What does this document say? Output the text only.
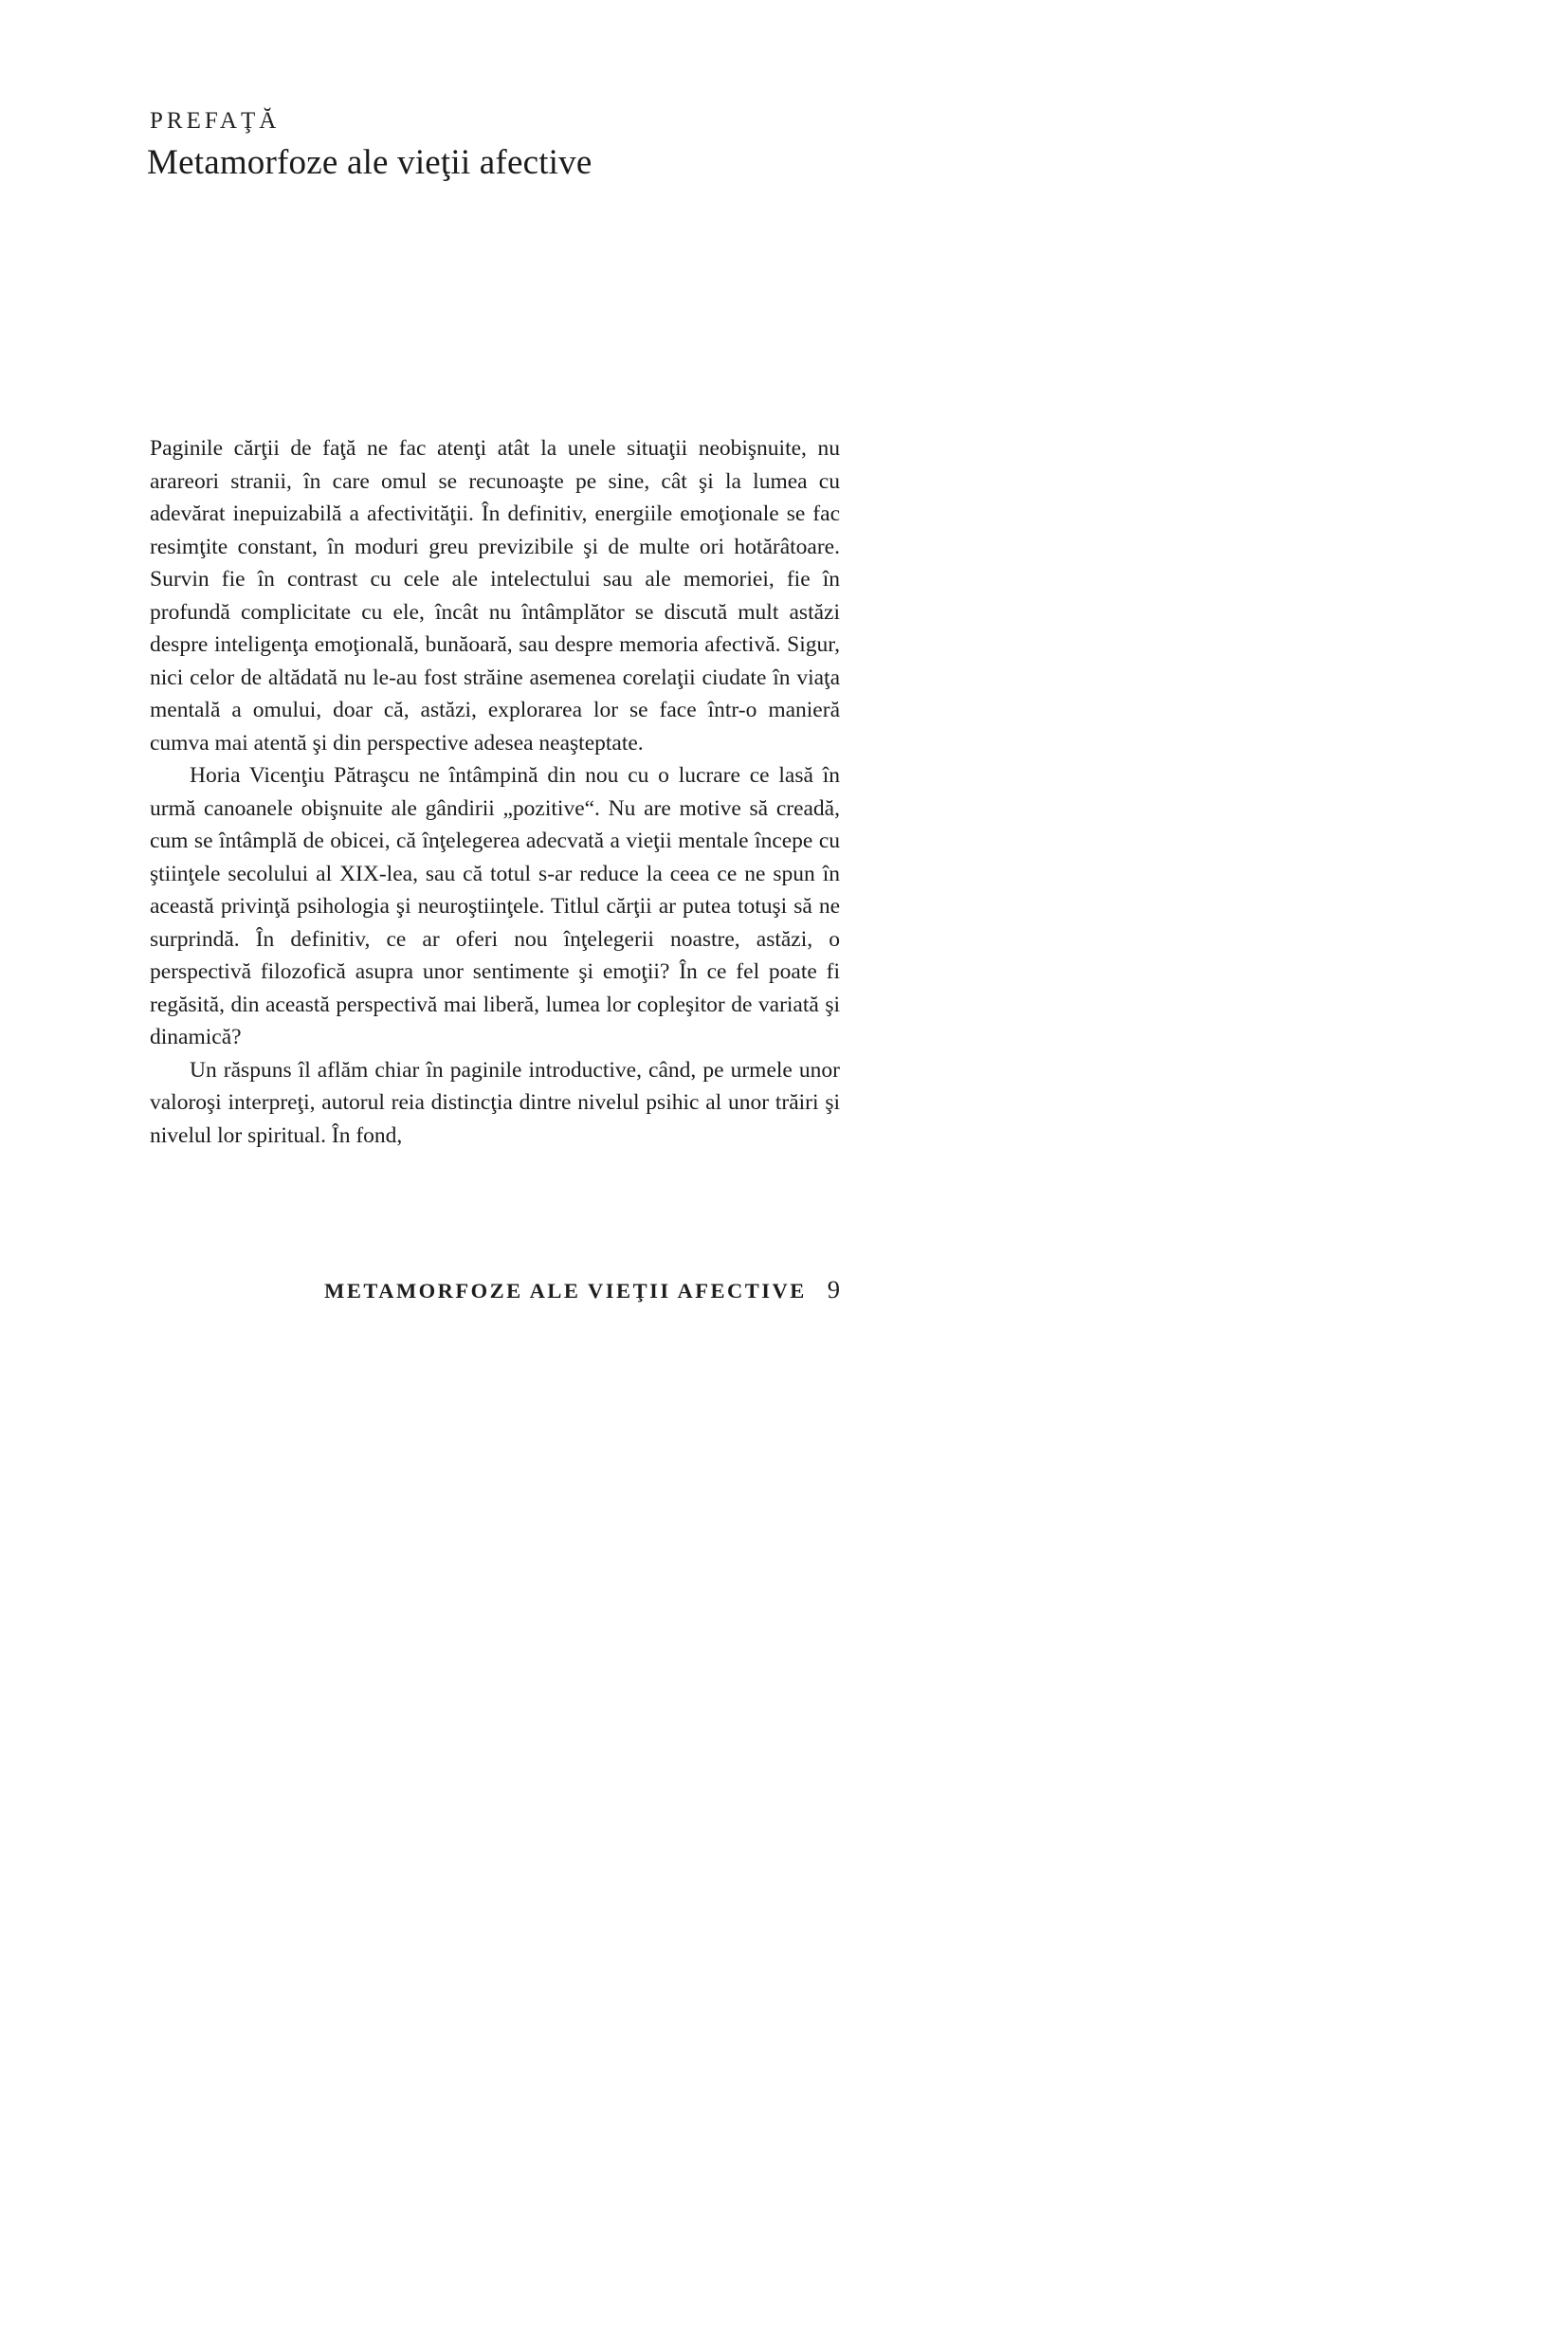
PREFAŢĂ
Metamorfoze ale vieţii afective

Paginile cărţii de faţă ne fac atenţi atât la unele situaţii neobişnuite, nu arareori stranii, în care omul se recunoaşte pe sine, cât şi la lumea cu adevărat inepuizabilă a afectivităţii. În definitiv, energiile emoţionale se fac resimţite constant, în moduri greu previzibile şi de multe ori hotărâtoare. Survin fie în contrast cu cele ale intelectului sau ale memoriei, fie în profundă complicitate cu ele, încât nu întâmplător se discută mult astăzi despre inteligenţa emoţională, bunăoară, sau despre memoria afectivă. Sigur, nici celor de altădată nu le-au fost străine asemenea corelaţii ciudate în viaţa mentală a omului, doar că, astăzi, explorarea lor se face într-o manieră cumva mai atentă şi din perspective adesea neaşteptate.

Horia Vicenţiu Pătraşcu ne întâmpină din nou cu o lucrare ce lasă în urmă canoanele obişnuite ale gândirii „pozitive“. Nu are motive să creadă, cum se întâmplă de obicei, că înţelegerea adecvată a vieţii mentale începe cu ştiinţele secolului al XIX-lea, sau că totul s-ar reduce la ceea ce ne spun în această privinţă psihologia şi neuroştiinţele. Titlul cărţii ar putea totuşi să ne surprindă. În definitiv, ce ar oferi nou înţelegerii noastre, astăzi, o perspectivă filozofică asupra unor sentimente şi emoţii? În ce fel poate fi regăsită, din această perspectivă mai liberă, lumea lor copleşitor de variată şi dinamică?

Un răspuns îl aflăm chiar în paginile introductive, când, pe urmele unor valoroşi interpreţi, autorul reia distincţia dintre nivelul psihic al unor trăiri şi nivelul lor spiritual. În fond,

METAMORFOZE ALE VIEŢII AFECTIVE 9
